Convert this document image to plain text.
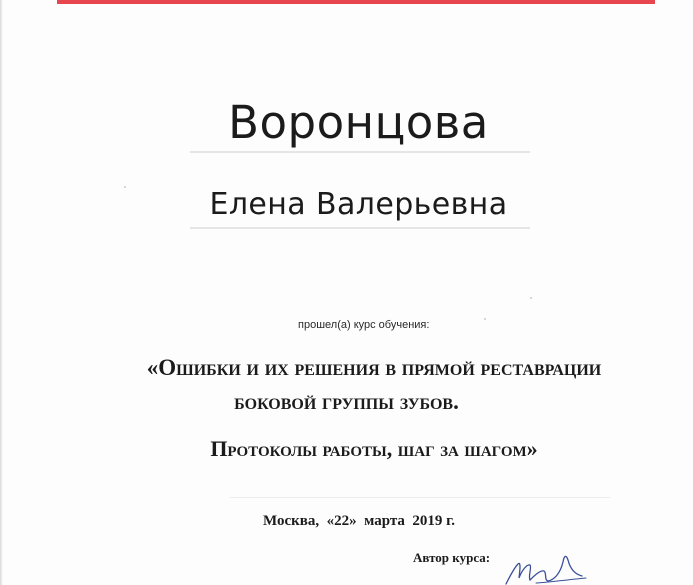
Воронцова
Елена Валерьевна
прошел(а) курс обучения:
«Ошибки и их решения в прямой реставрации
боковой группы зубов.
Протоколы работы, шаг за шагом»
Москва,  «22»  марта  2019 г.
Автор курса:
